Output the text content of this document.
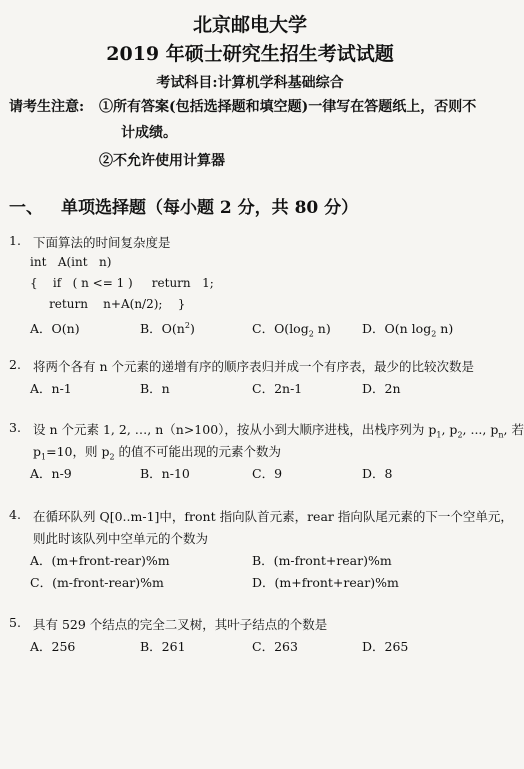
北京邮电大学
2019 年硕士研究生招生考试试题
考试科目:计算机学科基础综合
请考生注意: ①所有答案(包括选择题和填空题)一律写在答题纸上，否则不
计成绩。
②不允许使用计算器
一、 单项选择题（每小题 2 分，共 80 分）
1. 下面算法的时间复杂度是
int   A(int   n)
{    if   ( n <= 1 )     return   1;
return    n+A(n/2);    }
A．O(n)	B．$O(n^2)$	C．$O(\log_2$ n)	D．O(n $\log_2 n$)
2. 将两个各有 n 个元素的递增有序的顺序表归并成一个有序表，最少的比较次数是
A．n-1	B．n	C．2n-1	D．2n
3. 设 n 个元素 1, 2, …, n（n>100），按从小到大顺序进栈，出栈序列为 $p_1$, $p_2$, ..., $p_n$, 若
$p_1=10$，则 $p_2$ 的值不可能出现的元素个数为
A．n-9	B．n-10	C．9	D．8
4. 在循环队列 Q[0..m-1]中，front 指向队首元素，rear 指向队尾元素的下一个空单元，
则此时该队列中空单元的个数为
A．(m+front-rear)%m	B．(m-front+rear)%m
C．(m-front-rear)%m	D．(m+front+rear)%m
5. 具有 529 个结点的完全二叉树，其叶子结点的个数是
A．256	B．261	C．263	D．265
